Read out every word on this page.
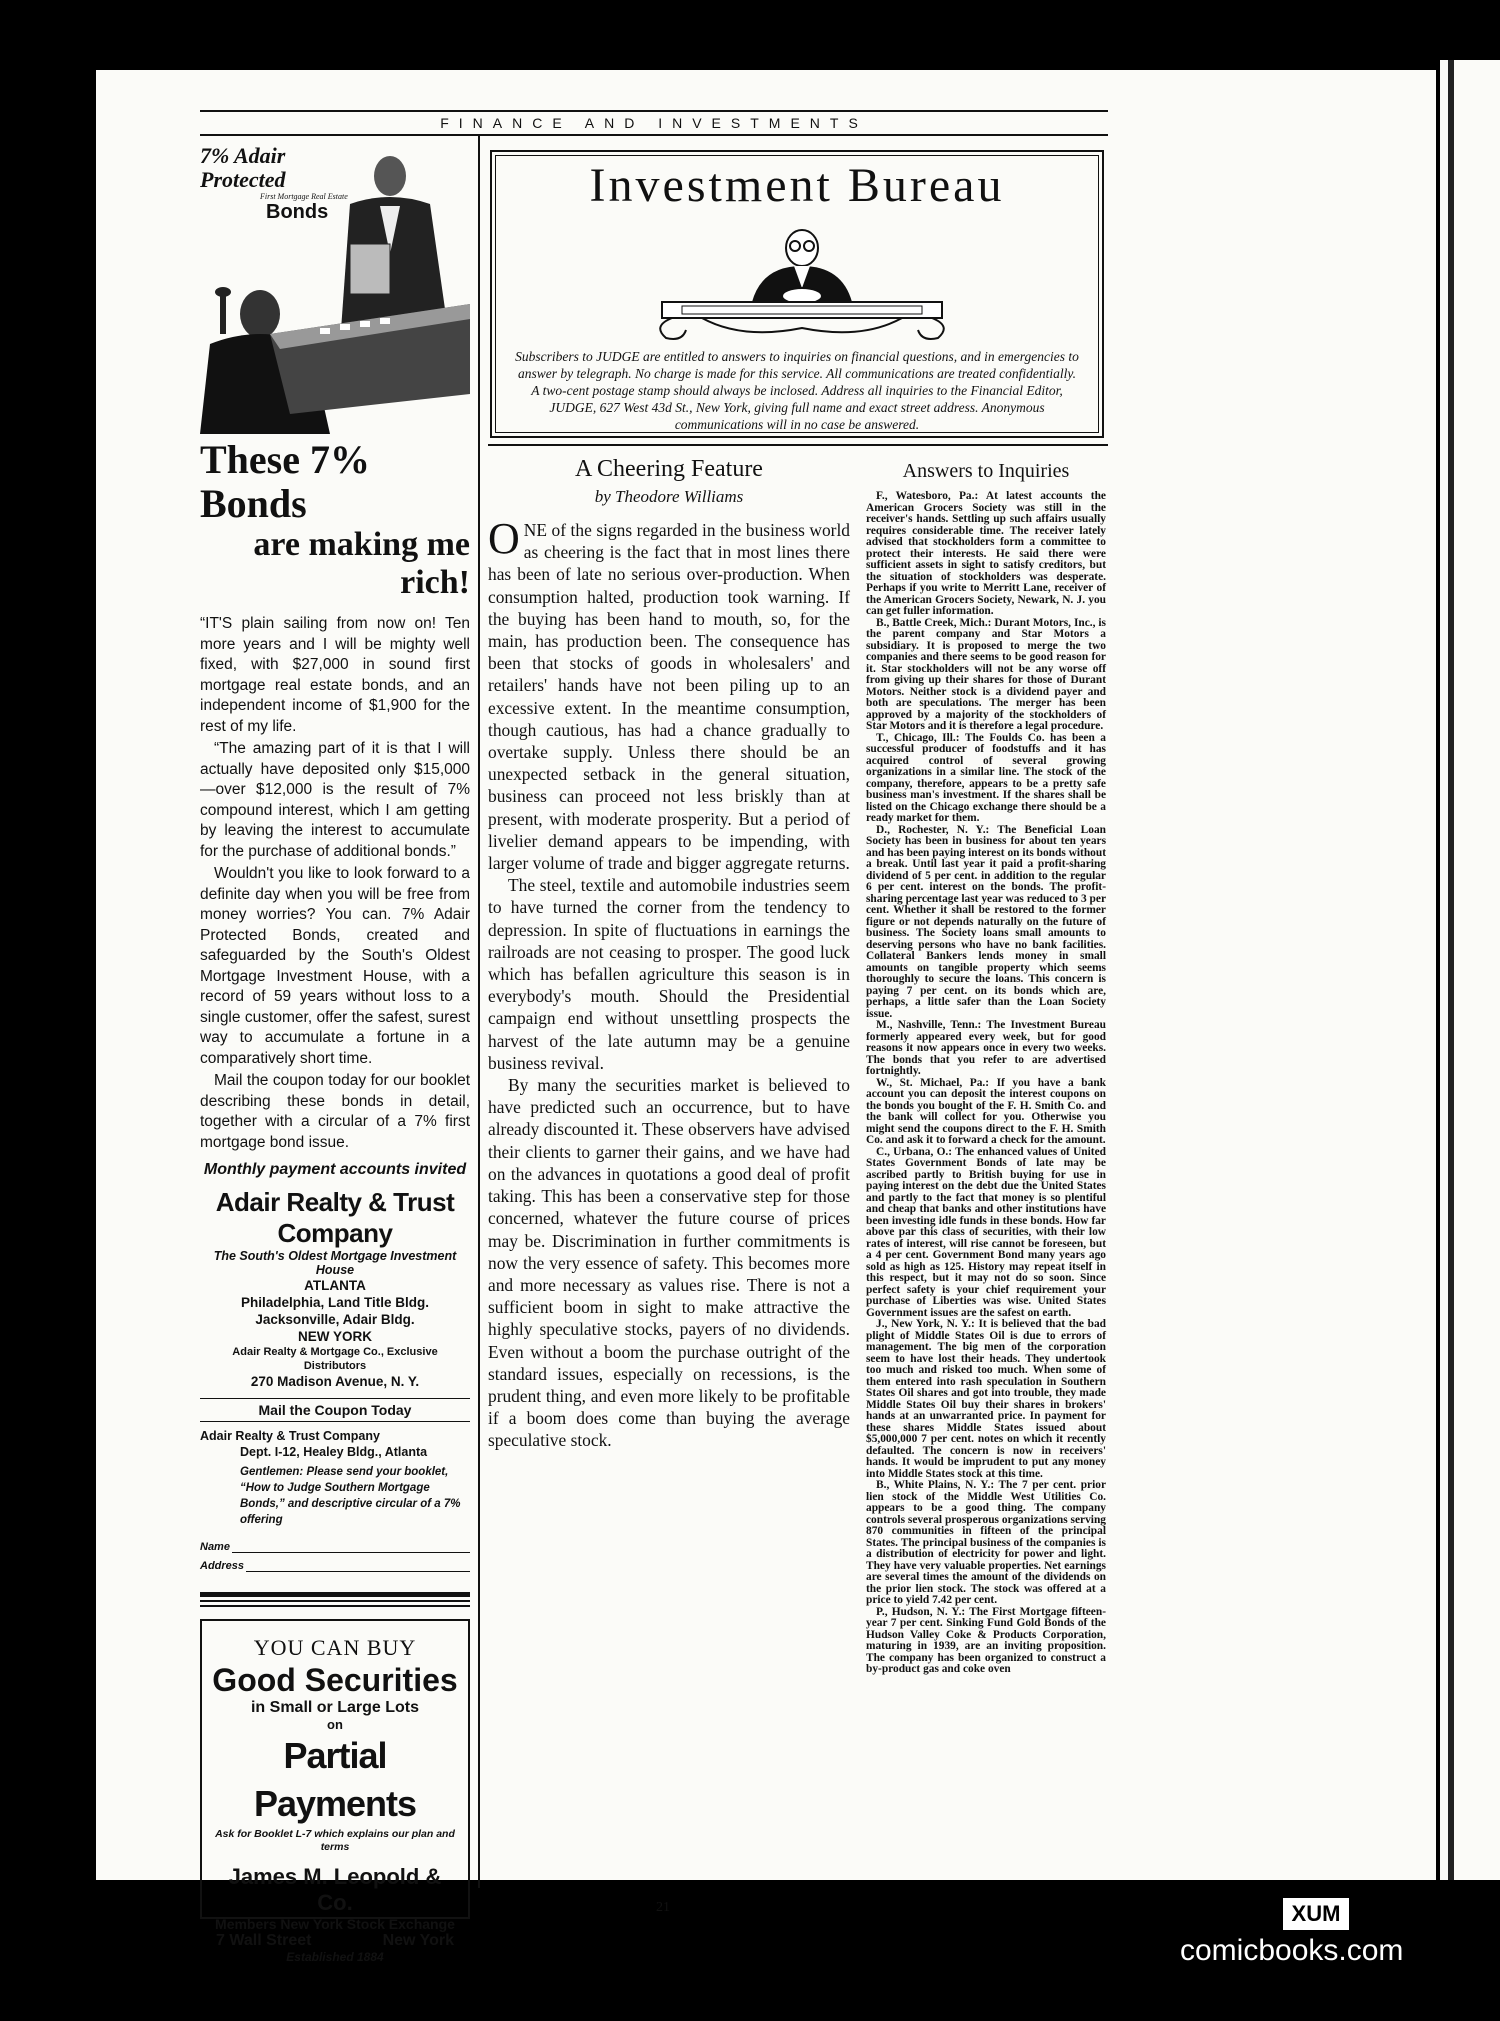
FINANCE AND INVESTMENTS
7% Adair Protected
First Mortgage Real Estate
Bonds
These 7% Bonds
are making me rich!

“IT'S plain sailing from now on! Ten more years and I will be mighty well fixed, with $27,000 in sound first mortgage real estate bonds, and an independent income of $1,900 for the rest of my life.

“The amazing part of it is that I will actually have deposited only $15,000—over $12,000 is the result of 7% compound interest, which I am getting by leaving the interest to accumulate for the purchase of additional bonds.”

Wouldn't you like to look forward to a definite day when you will be free from money worries? You can. 7% Adair Protected Bonds, created and safeguarded by the South's Oldest Mortgage Investment House, with a record of 59 years without loss to a single customer, offer the safest, surest way to accumulate a fortune in a comparatively short time.

Mail the coupon today for our booklet describing these bonds in detail, together with a circular of a 7% first mortgage bond issue.

Monthly payment accounts invited
Adair Realty & Trust Company
The South's Oldest Mortgage Investment House
ATLANTA
Philadelphia, Land Title Bldg.
Jacksonville, Adair Bldg.
NEW YORK
Adair Realty & Mortgage Co., Exclusive Distributors
270 Madison Avenue, N. Y.
Mail the Coupon Today
Adair Realty & Trust Company
Dept. I-12, Healey Bldg., Atlanta
Gentlemen: Please send your booklet, “How to Judge Southern Mortgage Bonds,” and descriptive circular of a 7% offering
Name
Address
YOU CAN BUY
Good Securities
in Small or Large Lots
on
Partial Payments
Ask for Booklet L-7 which explains our plan and terms
James M. Leopold & Co.
Members New York Stock Exchange
7 Wall Street	New York
Established 1884
Investment Bureau
Subscribers to JUDGE are entitled to answers to inquiries on financial questions, and in emergencies to answer by telegraph. No charge is made for this service. All communications are treated confidentially. A two-cent postage stamp should always be inclosed. Address all inquiries to the Financial Editor, JUDGE, 627 West 43d St., New York, giving full name and exact street address. Anonymous communications will in no case be answered.
A Cheering Feature
by Theodore Williams

ONE of the signs regarded in the business world as cheering is the fact that in most lines there has been of late no serious over-production. When consumption halted, production took warning. If the buying has been hand to mouth, so, for the main, has production been. The consequence has been that stocks of goods in wholesalers' and retailers' hands have not been piling up to an excessive extent. In the meantime consumption, though cautious, has had a chance gradually to overtake supply. Unless there should be an unexpected setback in the general situation, business can proceed not less briskly than at present, with moderate prosperity. But a period of livelier demand appears to be impending, with larger volume of trade and bigger aggregate returns.

The steel, textile and automobile industries seem to have turned the corner from the tendency to depression. In spite of fluctuations in earnings the railroads are not ceasing to prosper. The good luck which has befallen agriculture this season is in everybody's mouth. Should the Presidential campaign end without unsettling prospects the harvest of the late autumn may be a genuine business revival.

By many the securities market is believed to have predicted such an occurrence, but to have already discounted it. These observers have advised their clients to garner their gains, and we have had on the advances in quotations a good deal of profit taking. This has been a conservative step for those concerned, whatever the future course of prices may be. Discrimination in further commitments is now the very essence of safety. This becomes more and more necessary as values rise. There is not a sufficient boom in sight to make attractive the highly speculative stocks, payers of no dividends. Even without a boom the purchase outright of the standard issues, especially on recessions, is the prudent thing, and even more likely to be profitable if a boom does come than buying the average speculative stock.

Answers to Inquiries

F., Watesboro, Pa.: At latest accounts the American Grocers Society was still in the receiver's hands. Settling up such affairs usually requires considerable time. The receiver lately advised that stockholders form a committee to protect their interests. He said there were sufficient assets in sight to satisfy creditors, but the situation of stockholders was desperate. Perhaps if you write to Merritt Lane, receiver of the American Grocers Society, Newark, N. J. you can get fuller information.

B., Battle Creek, Mich.: Durant Motors, Inc., is the parent company and Star Motors a subsidiary. It is proposed to merge the two companies and there seems to be good reason for it. Star stockholders will not be any worse off from giving up their shares for those of Durant Motors. Neither stock is a dividend payer and both are speculations. The merger has been approved by a majority of the stockholders of Star Motors and it is therefore a legal procedure.

T., Chicago, Ill.: The Foulds Co. has been a successful producer of foodstuffs and it has acquired control of several growing organizations in a similar line. The stock of the company, therefore, appears to be a pretty safe business man's investment. If the shares shall be listed on the Chicago exchange there should be a ready market for them.

D., Rochester, N. Y.: The Beneficial Loan Society has been in business for about ten years and has been paying interest on its bonds without a break. Until last year it paid a profit-sharing dividend of 5 per cent. in addition to the regular 6 per cent. interest on the bonds. The profit-sharing percentage last year was reduced to 3 per cent. Whether it shall be restored to the former figure or not depends naturally on the future of business. The Society loans small amounts to deserving persons who have no bank facilities. Collateral Bankers lends money in small amounts on tangible property which seems thoroughly to secure the loans. This concern is paying 7 per cent. on its bonds which are, perhaps, a little safer than the Loan Society issue.

M., Nashville, Tenn.: The Investment Bureau formerly appeared every week, but for good reasons it now appears once in every two weeks. The bonds that you refer to are advertised fortnightly.

W., St. Michael, Pa.: If you have a bank account you can deposit the interest coupons on the bonds you bought of the F. H. Smith Co. and the bank will collect for you. Otherwise you might send the coupons direct to the F. H. Smith Co. and ask it to forward a check for the amount.

C., Urbana, O.: The enhanced values of United States Government Bonds of late may be ascribed partly to British buying for use in paying interest on the debt due the United States and partly to the fact that money is so plentiful and cheap that banks and other institutions have been investing idle funds in these bonds. How far above par this class of securities, with their low rates of interest, will rise cannot be foreseen, but a 4 per cent. Government Bond many years ago sold as high as 125. History may repeat itself in this respect, but it may not do so soon. Since perfect safety is your chief requirement your purchase of Liberties was wise. United States Government issues are the safest on earth.

J., New York, N. Y.: It is believed that the bad plight of Middle States Oil is due to errors of management. The big men of the corporation seem to have lost their heads. They undertook too much and risked too much. When some of them entered into rash speculation in Southern States Oil shares and got into trouble, they made Middle States Oil buy their shares in brokers' hands at an unwarranted price. In payment for these shares Middle States issued about $5,000,000 7 per cent. notes on which it recently defaulted. The concern is now in receivers' hands. It would be imprudent to put any money into Middle States stock at this time.

B., White Plains, N. Y.: The 7 per cent. prior lien stock of the Middle West Utilities Co. appears to be a good thing. The company controls several prosperous organizations serving 870 communities in fifteen of the principal States. The principal business of the companies is a distribution of electricity for power and light. They have very valuable properties. Net earnings are several times the amount of the dividends on the prior lien stock. The stock was offered at a price to yield 7.42 per cent.

P., Hudson, N. Y.: The First Mortgage fifteen-year 7 per cent. Sinking Fund Gold Bonds of the Hudson Valley Coke & Products Corporation, maturing in 1939, are an inviting proposition. The company has been organized to construct a by-product gas and coke oven

21	XUM
comicbooks.com
